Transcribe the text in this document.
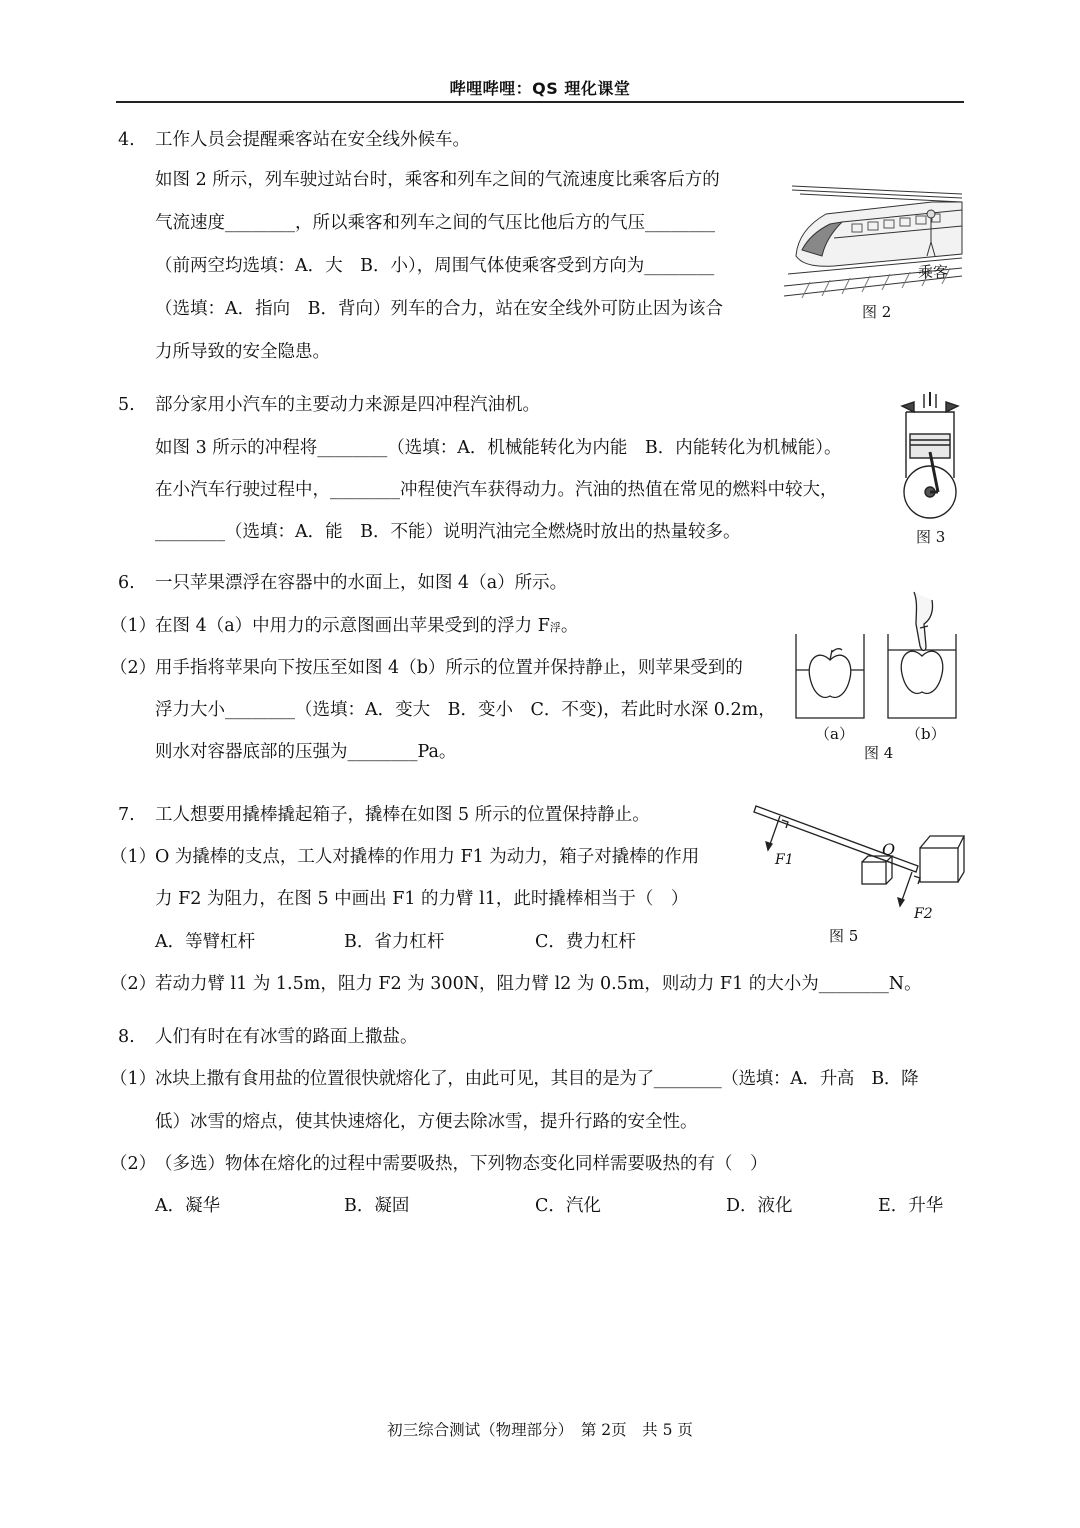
哔哩哔哩：QS 理化课堂
4. 工作人员会提醒乘客站在安全线外候车。
如图 2 所示，列车驶过站台时，乘客和列车之间的气流速度比乘客后方的
气流速度________，所以乘客和列车之间的气压比他后方的气压________
（前两空均选填：A．大　B．小），周围气体使乘客受到方向为________
（选填：A．指向　B．背向）列车的合力，站在安全线外可防止因为该合
力所导致的安全隐患。
乘客
图 2
5. 部分家用小汽车的主要动力来源是四冲程汽油机。
如图 3 所示的冲程将________（选填：A．机械能转化为内能　B．内能转化为机械能）。
在小汽车行驶过程中，________冲程使汽车获得动力。汽油的热值在常见的燃料中较大，
________（选填：A．能　B．不能）说明汽油完全燃烧时放出的热量较多。	图 3
6. 一只苹果漂浮在容器中的水面上，如图 4（a）所示。
（1）
在图 4（a）中用力的示意图画出苹果受到的浮力 F浮。
（2）
用手指将苹果向下按压至如图 4（b）所示的位置并保持静止，则苹果受到的
浮力大小________（选填：A．变大　B．变小　C．不变)，若此时水深 0.2m，
则水对容器底部的压强为________Pa。
（a）	（b）
图 4
7. 工人想要用撬棒撬起箱子，撬棒在如图 5 所示的位置保持静止。
（1）
O 为撬棒的支点，工人对撬棒的作用力 F1 为动力，箱子对撬棒的作用
力 F2 为阻力，在图 5 中画出 F1 的力臂 l1，此时撬棒相当于（　）
A．等臂杠杆	B．省力杠杆	C．费力杠杆
（2）
若动力臂 l1 为 1.5m，阻力 F2 为 300N，阻力臂 l2 为 0.5m，则动力 F1 的大小为________N。
O
F1
F2
图 5
8. 人们有时在有冰雪的路面上撒盐。
（1）
冰块上撒有食用盐的位置很快就熔化了，由此可见，其目的是为了________（选填：A．升高　B．降
低）冰雪的熔点，使其快速熔化，方便去除冰雪，提升行路的安全性。
（2）
（多选）物体在熔化的过程中需要吸热，下列物态变化同样需要吸热的有（　）
A．凝华	B．凝固	C．汽化	D．液化	E．升华
初三综合测试（物理部分）　第 2页　共 5 页
